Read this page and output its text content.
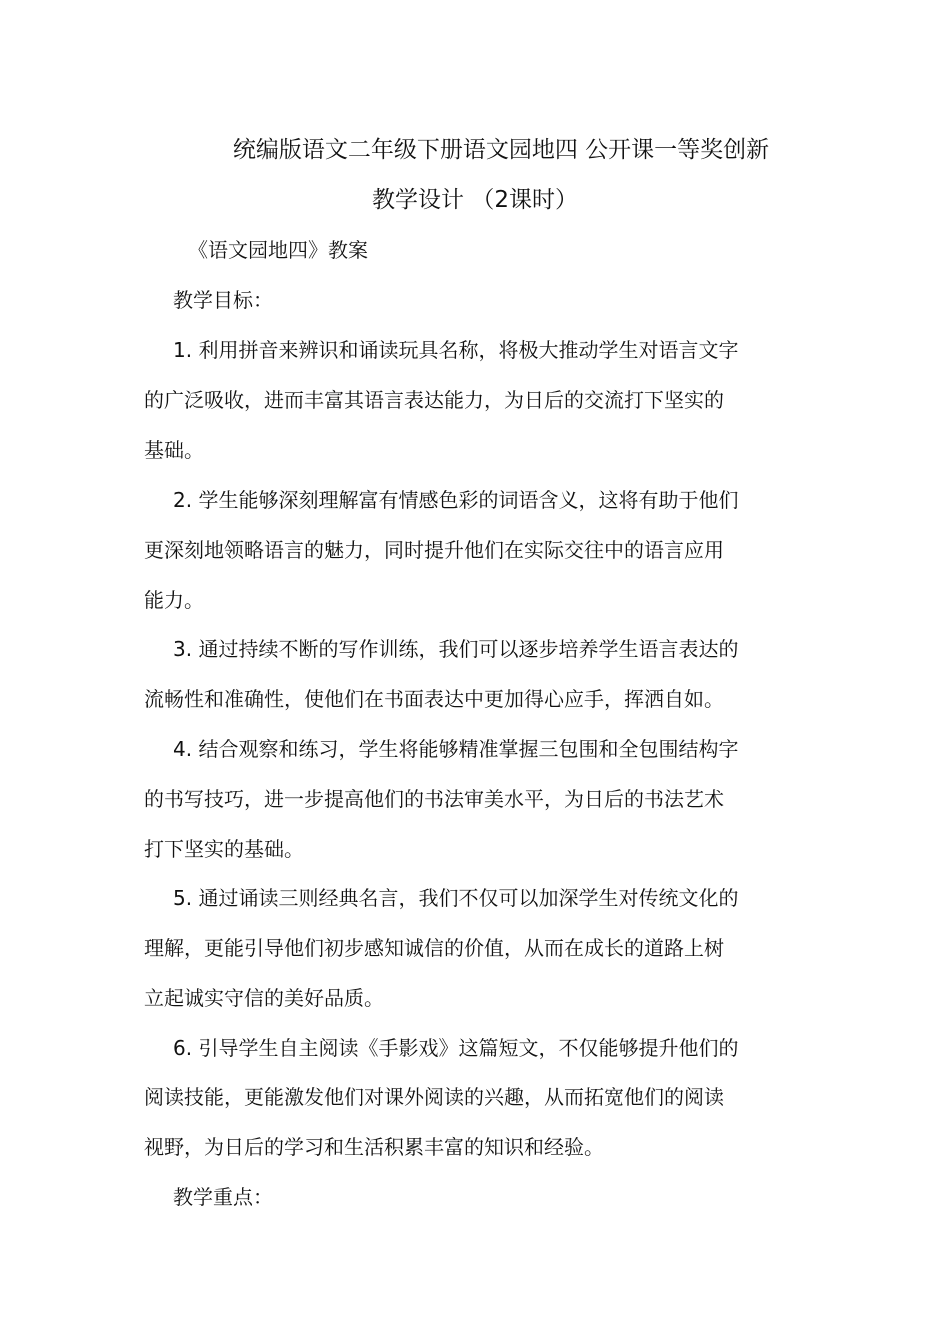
统编版语文二年级下册语文园地四 公开课一等奖创新
教学设计 （2课时）
《语文园地四》教案
教学目标：
1. 利用拼音来辨识和诵读玩具名称，将极大推动学生对语言文字
的广泛吸收，进而丰富其语言表达能力，为日后的交流打下坚实的
基础。
2. 学生能够深刻理解富有情感色彩的词语含义，这将有助于他们
更深刻地领略语言的魅力，同时提升他们在实际交往中的语言应用
能力。
3. 通过持续不断的写作训练，我们可以逐步培养学生语言表达的
流畅性和准确性，使他们在书面表达中更加得心应手，挥洒自如。
4. 结合观察和练习，学生将能够精准掌握三包围和全包围结构字
的书写技巧，进一步提高他们的书法审美水平，为日后的书法艺术
打下坚实的基础。
5. 通过诵读三则经典名言，我们不仅可以加深学生对传统文化的
理解，更能引导他们初步感知诚信的价值，从而在成长的道路上树
立起诚实守信的美好品质。
6. 引导学生自主阅读《手影戏》这篇短文，不仅能够提升他们的
阅读技能，更能激发他们对课外阅读的兴趣，从而拓宽他们的阅读
视野，为日后的学习和生活积累丰富的知识和经验。
教学重点：
